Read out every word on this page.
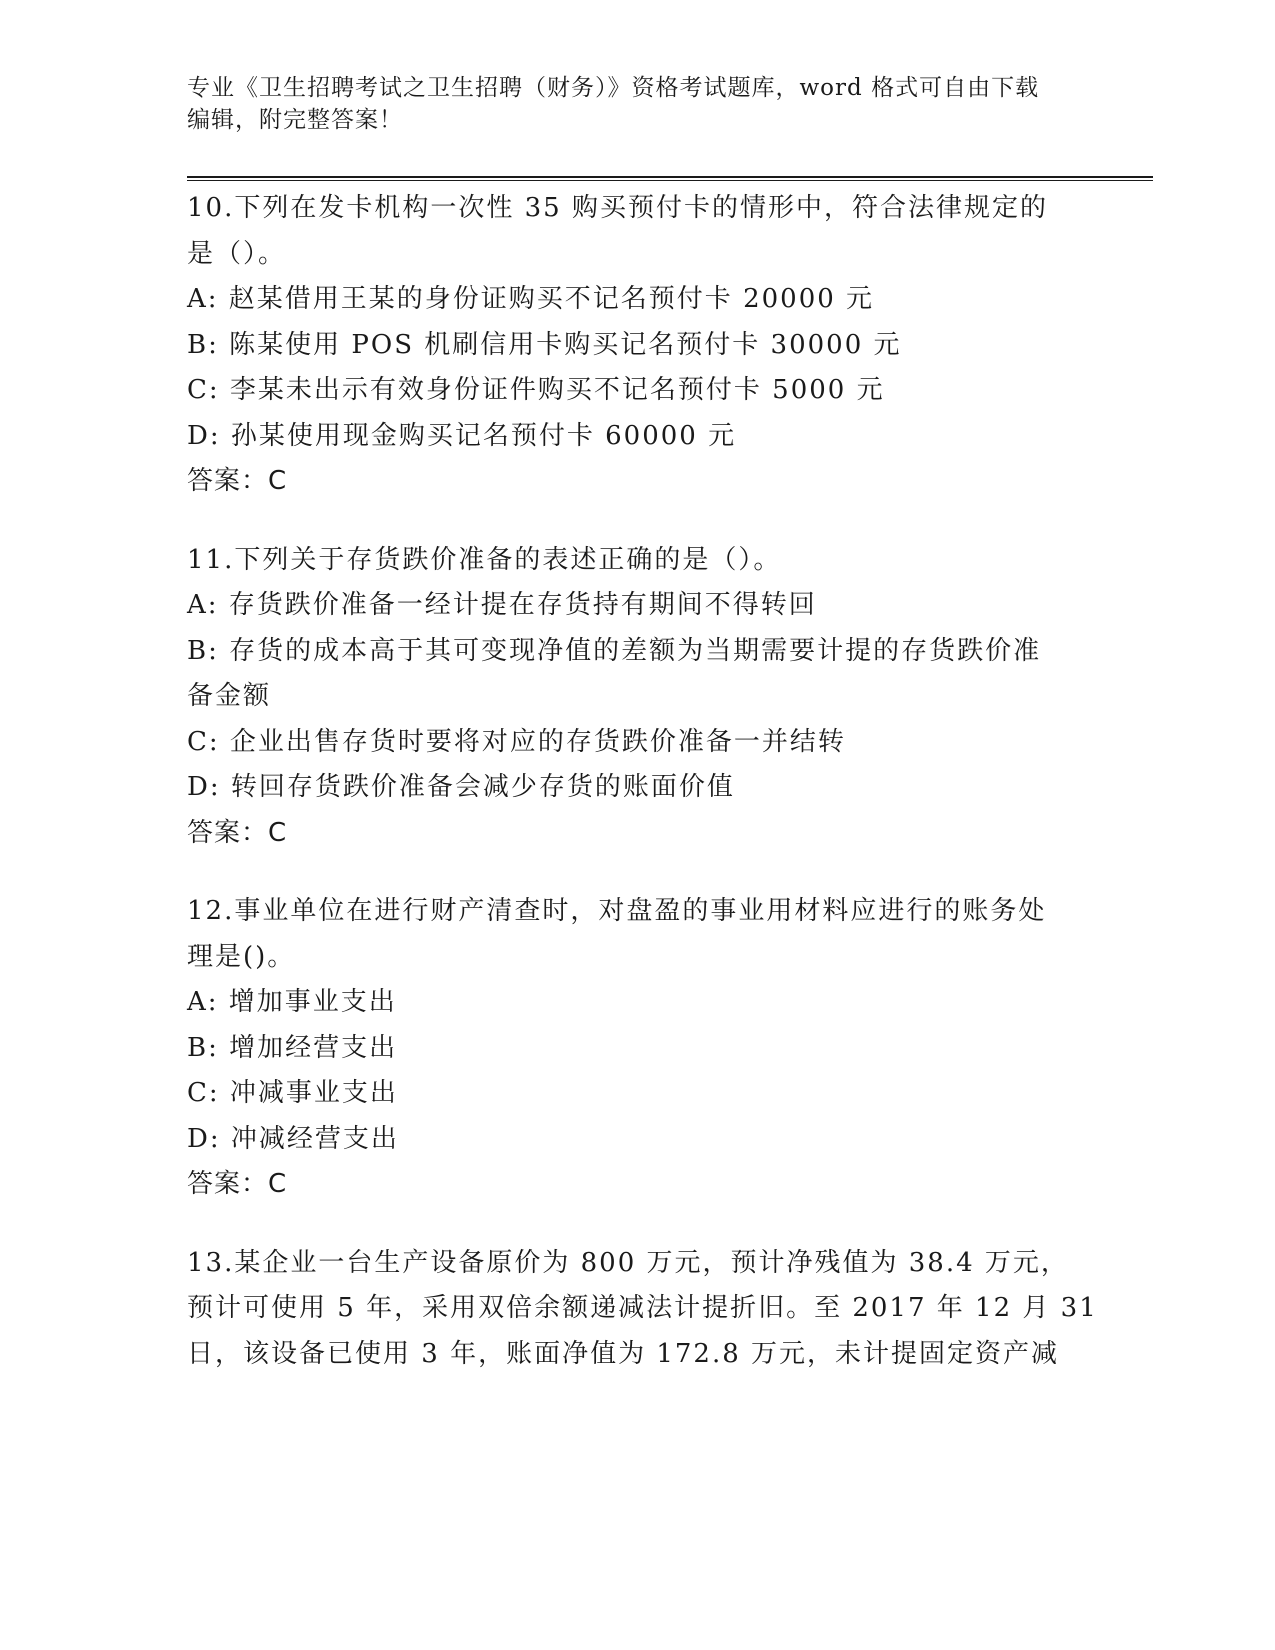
专业《卫生招聘考试之卫生招聘（财务）》资格考试题库，word 格式可自由下载
编辑，附完整答案！
10.下列在发卡机构一次性 35 购买预付卡的情形中，符合法律规定的
是（）。
A: 赵某借用王某的身份证购买不记名预付卡 20000 元
B: 陈某使用 POS 机刷信用卡购买记名预付卡 30000 元
C: 李某未出示有效身份证件购买不记名预付卡 5000 元
D: 孙某使用现金购买记名预付卡 60000 元
答案：C
11.下列关于存货跌价准备的表述正确的是（）。
A: 存货跌价准备一经计提在存货持有期间不得转回
B: 存货的成本高于其可变现净值的差额为当期需要计提的存货跌价准
备金额
C: 企业出售存货时要将对应的存货跌价准备一并结转
D: 转回存货跌价准备会减少存货的账面价值
答案：C
12.事业单位在进行财产清查时，对盘盈的事业用材料应进行的账务处
理是()。
A: 增加事业支出
B: 增加经营支出
C: 冲减事业支出
D: 冲减经营支出
答案：C
13.某企业一台生产设备原价为 800 万元，预计净残值为 38.4 万元，
预计可使用 5 年，采用双倍余额递减法计提折旧。至 2017 年 12 月 31
日，该设备已使用 3 年，账面净值为 172.8 万元，未计提固定资产减
